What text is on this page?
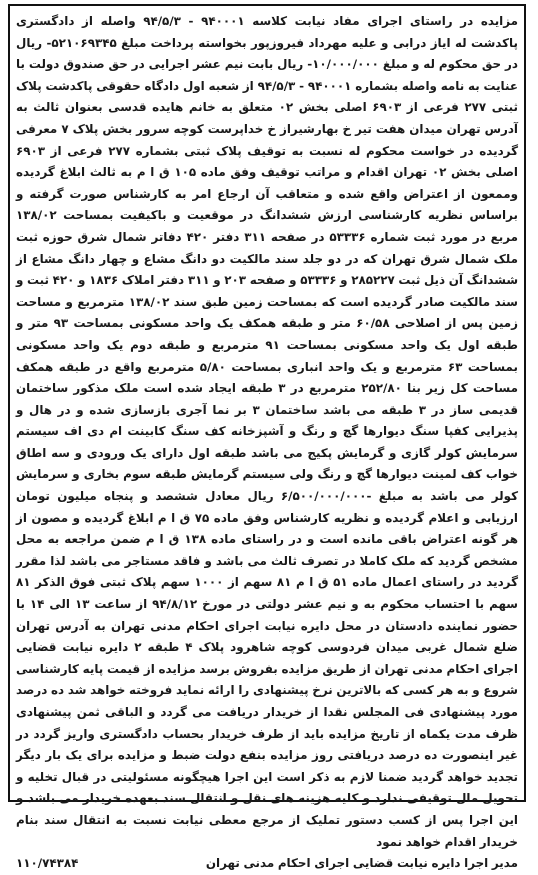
مزایده در راستای اجرای مفاد نیابت کلاسه ۹۴۰۰۰۱ - ۹۴/۵/۳ واصله از دادگستری پاکدشت له ایاز درابی و علیه مهرداد فیروزپور بخواسته پرداخت مبلغ ۵۲۱۰۶۹۳۴۵- ریال در حق محکوم له و مبلغ ۱۰/۰۰۰/۰۰۰- ریال بابت نیم عشر اجرایی در حق صندوق دولت با عنایت به نامه واصله بشماره ۹۴۰۰۰۱ - ۹۴/۵/۳ از شعبه اول دادگاه حقوقی پاکدشت پلاک ثبتی ۲۷۷ فرعی از ۶۹۰۳ اصلی بخش ۰۲ متعلق به خانم هایده قدسی بعنوان ثالث به آدرس تهران میدان هفت تیر خ بهارشیراز خ خداپرست کوچه سرور بخش پلاک ۷ معرفی گردیده در خواست محکوم له نسبت به توقیف پلاک ثبتی بشماره ۲۷۷ فرعی از ۶۹۰۳ اصلی بخش ۰۲ تهران اقدام و مراتب توقیف وفق ماده ۱۰۵ ق ا م به ثالث ابلاغ گردیده وممعون از اعتراض واقع شده و متعاقب آن ارجاع امر به کارشناس صورت گرفته و براساس نظریه کارشناسی ارزش ششدانگ در موقعیت و باکیفیت بمساحت ۱۳۸/۰۲ مربع در مورد ثبت شماره ۵۳۳۳۶ در صفحه ۳۱۱ دفتر ۴۲۰ دفاتر شمال شرق حوزه ثبت ملک شمال شرق تهران که در دو جلد سند مالکیت دو دانگ مشاع و چهار دانگ مشاع از ششدانگ آن ذیل ثبت ۲۸۵۲۲۷ و ۵۳۳۳۶ و صفحه ۲۰۳ و ۳۱۱ دفتر املاک ۱۸۳۶ و ۴۲۰ ثبت و سند مالکیت صادر گردیده است که بمساحت زمین طبق سند ۱۳۸/۰۲ مترمربع و مساحت زمین پس از اصلاحی ۶۰/۵۸ متر و طبقه همکف یک واحد مسکونی بمساحت ۹۳ متر و طبقه اول یک واحد مسکونی بمساحت ۹۱ مترمربع و طبقه دوم یک واحد مسکونی بمساحت ۶۳ مترمربع و یک واحد انباری بمساحت ۵/۸۰ مترمربع واقع در طبقه همکف مساحت کل زیر بنا ۲۵۲/۸۰ مترمربع در ۳ طبقه ایجاد شده است ملک مذکور ساختمان قدیمی ساز در ۳ طبقه می باشد ساختمان ۳ بر نما آجری بازسازی شده و در هال و پذیرایی کفپا سنگ دیوارها گچ و رنگ و آشپزخانه کف سنگ کابینت ام دی اف سیستم سرمایش کولر گازی و گرمایش پکیج می باشد طبقه اول دارای یک ورودی و سه اطاق خواب کف لمینت دیوارها گچ و رنگ ولی سیستم گرمایش طبقه سوم بخاری و سرمایش کولر می باشد به مبلغ -۶/۵۰۰/۰۰۰/۰۰۰ ریال معادل ششصد و پنجاه میلیون تومان ارزیابی و اعلام گردیده و نظریه کارشناس وفق ماده ۷۵ ق ا م ابلاغ گردیده و مصون از هر گونه اعتراض باقی مانده است و در راستای ماده ۱۳۸ ق ا م ضمن مراجعه به محل مشخص گردید که ملک کاملا در تصرف ثالث می باشد و فاقد مستاجر می باشد لذا مقرر گردید در راستای اعمال ماده ۵۱ ق ا م ۸۱ سهم از ۱۰۰۰ سهم پلاک ثبتی فوق الذکر ۸۱ سهم با احتساب محکوم به و نیم عشر دولتی در مورخ ۹۴/۸/۱۲ از ساعت ۱۳ الی ۱۴ با حضور نماینده دادستان در محل دایره نیابت اجرای احکام مدنی تهران به آدرس تهران ضلع شمال غربی میدان فردوسی کوچه شاهرود پلاک ۴ طبقه ۲ دایره نیابت قضایی اجرای احکام مدنی تهران از طریق مزایده بفروش برسد مزایده از قیمت پایه کارشناسی شروع و به هر کسی که بالاترین نرخ پیشنهادی را ارائه نماید فروخته خواهد شد ده درصد مورد پیشنهادی فی المجلس نقدا از خریدار دریافت می گردد و الباقی ثمن پیشنهادی ظرف مدت یکماه از تاریخ مزایده باید از طرف خریدار بحساب دادگستری واریز گردد در غیر اینصورت ده درصد دریافتی روز مزایده بنفع دولت ضبط و مزایده برای یک بار دیگر تجدید خواهد گردید ضمنا لازم به ذکر است این اجرا هیچگونه مسئولیتی در قبال تخلیه و تحویل مال توقیفی ندارد و کلیه هزینه های نقل و انتقال سند بعهده خریدار می باشد و این اجرا پس از کسب دستور تملیک از مرجع معطی نیابت نسبت به انتقال سند بنام خریدار اقدام خواهد نمود
مدیر اجرا دایره نیابت قضایی اجرای احکام مدنی تهران
۱۱۰/۷۴۳۸۴
